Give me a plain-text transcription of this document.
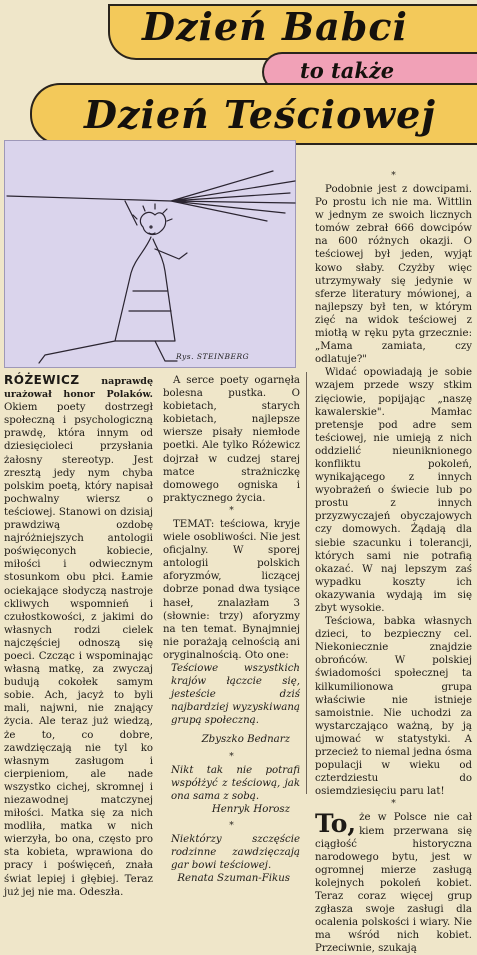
Dzień Babci
to także
Dzień Teściowej
Rys. STEINBERG

RÓŻEWICZ naprawdę urażował honor Polaków. Okiem poety dostrzegł społeczną i psychologiczną prawdę, która innym od dziesięcioleci przysłania żałosny stereotyp. Jest zresztą jedy nym chyba polskim poetą, który napisał pochwalny wiersz o teściowej. Stanowi on dzisiaj prawdziwą ozdobę najróżniejszych antologii poświęconych kobiecie, miłości i odwiecznym stosunkom obu płci. Łamie ociekające słodyczą nastroje ckliwych wspomnień i czułostkowości, z jakimi do własnych rodzi cielek najczęściej odnoszą się poeci. Czcząc i wspominając własną matkę, za zwyczaj budują cokołek samym sobie. Ach, jacyż to byli mali, najwni, nie znający życia. Ale teraz już wiedzą, że to, co dobre, zawdzięczają nie tyl ko własnym zasługom i cierpieniom, ale nade wszystko cichej, skromnej i niezawodnej matczynej miłości. Matka się za nich modliła, matka w nich wierzyła, bo ona, często pro sta kobieta, wprawiona do pracy i poświęceń, znała świat lepiej i głębiej. Teraz już jej nie ma. Odeszła.

A serce poety ogarnęła bolesna pustka. O kobietach, starych kobietach, najlepsze wiersze pisały niemłode poetki. Ale tylko Różewicz dojrzał w cudzej starej matce strażniczkę domowego ogniska i praktycznego życia.

*

TEMAT: teściowa, kryje wiele osobliwości. Nie jest oficjalny. W sporej antologii polskich aforyzmów, liczącej dobrze ponad dwa tysiące haseł, znalazłam 3 (słownie: trzy) aforyzmy na ten temat. Bynajmniej nie porażają celnością ani oryginalnością. Oto one:

Teściowe wszystkich krajów łączcie się, jesteście dziś najbardziej wyzyskiwaną grupą społeczną.

Zbyszko Bednarz
*

Nikt tak nie potrafi współżyć z teściową, jak ona sama z sobą.

Henryk Horosz
*

Niektórzy szczęście rodzinne zawdzięczają gar bowi teściowej.

Renata Szuman-Fikus
*

Podobnie jest z dowcipami. Po prostu ich nie ma. Wittlin w jednym ze swoich licznych tomów zebrał 666 dowcipów na 600 różnych okazji. O teściowej był jeden, wyjąt kowo słaby. Czyżby więc utrzymywały się jedynie w sferze literatury mówionej, a najlepszy był ten, w którym zięć na widok teściowej z miotłą w ręku pyta grzecznie: „Mama zamiata, czy odlatuje?"

Widać opowiadają je sobie wzajem przede wszy stkim zięciowie, popijając „naszę kawalerskie". Mamłac pretensje pod adre sem teściowej, nie umieją z nich oddzielić nieuniknionego konfliktu pokoleń, wynikającego z innych wyobrażeń o świecie lub po prostu z innych przyzwyczajeń obyczajowych czy domowych. Żądają dla siebie szacunku i tolerancji, których sami nie potrafią okazać. W naj lepszym zaś wypadku koszty ich okazywania wydаją im się zbyt wysokie.

Teściowa, babka własnych dzieci, to bezpieczny cel. Niekoniecznie znajdzie obrońców. W polskiej świadomości społecznej ta kilkumilionowa grupa właściwie nie istnieje samoistnie. Nie uchodzi za wystarczająco ważną, by ją ujmować w statystyki. A przecież to niemal jedna ósma populacji w wieku od czterdziestu do osiemdziesięciu paru lat!

*

To, że w Polsce nie cał kiem przerwana się ciągłość historyczna narodowego bytu, jest w ogromnej mierze zasługą kolejnych pokoleń kobiet. Teraz coraz więcej grup zgłasza swoje zasługi dla ocalenia polskości i wiary. Nie ma wśród nich kobiet. Przeciwnie, szukają
